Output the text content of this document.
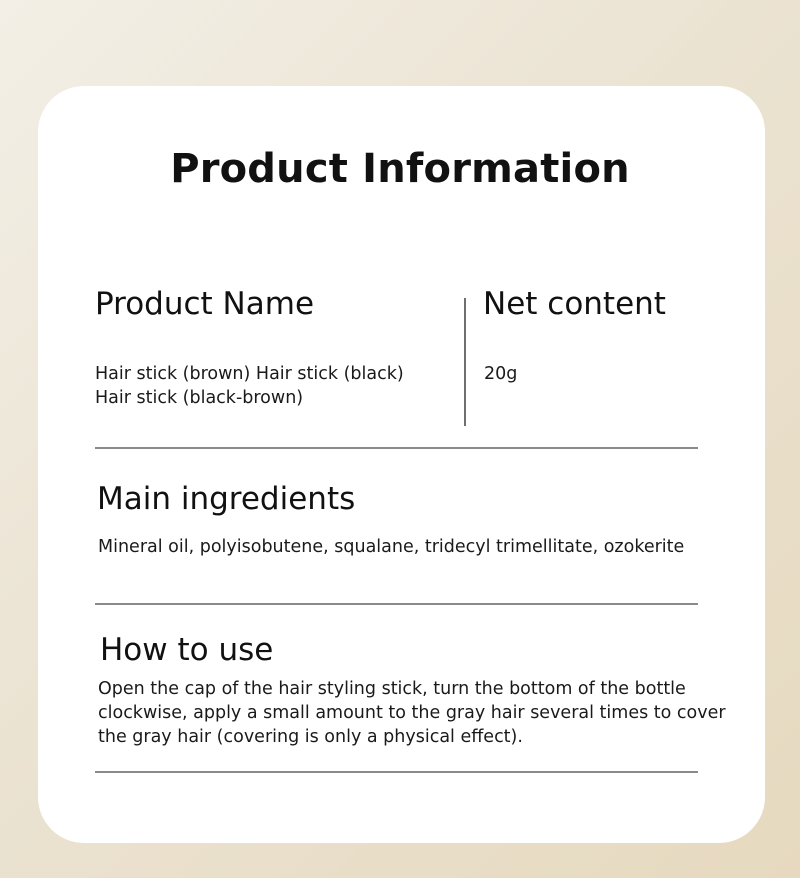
Product Information
Product Name
Hair stick (brown) Hair stick (black)
Hair stick (black-brown)
Net content
20g
Main ingredients
Mineral oil, polyisobutene, squalane, tridecyl trimellitate, ozokerite
How to use
Open the cap of the hair styling stick, turn the bottom of the bottle
clockwise, apply a small amount to the gray hair several times to cover
the gray hair (covering is only a physical effect).
